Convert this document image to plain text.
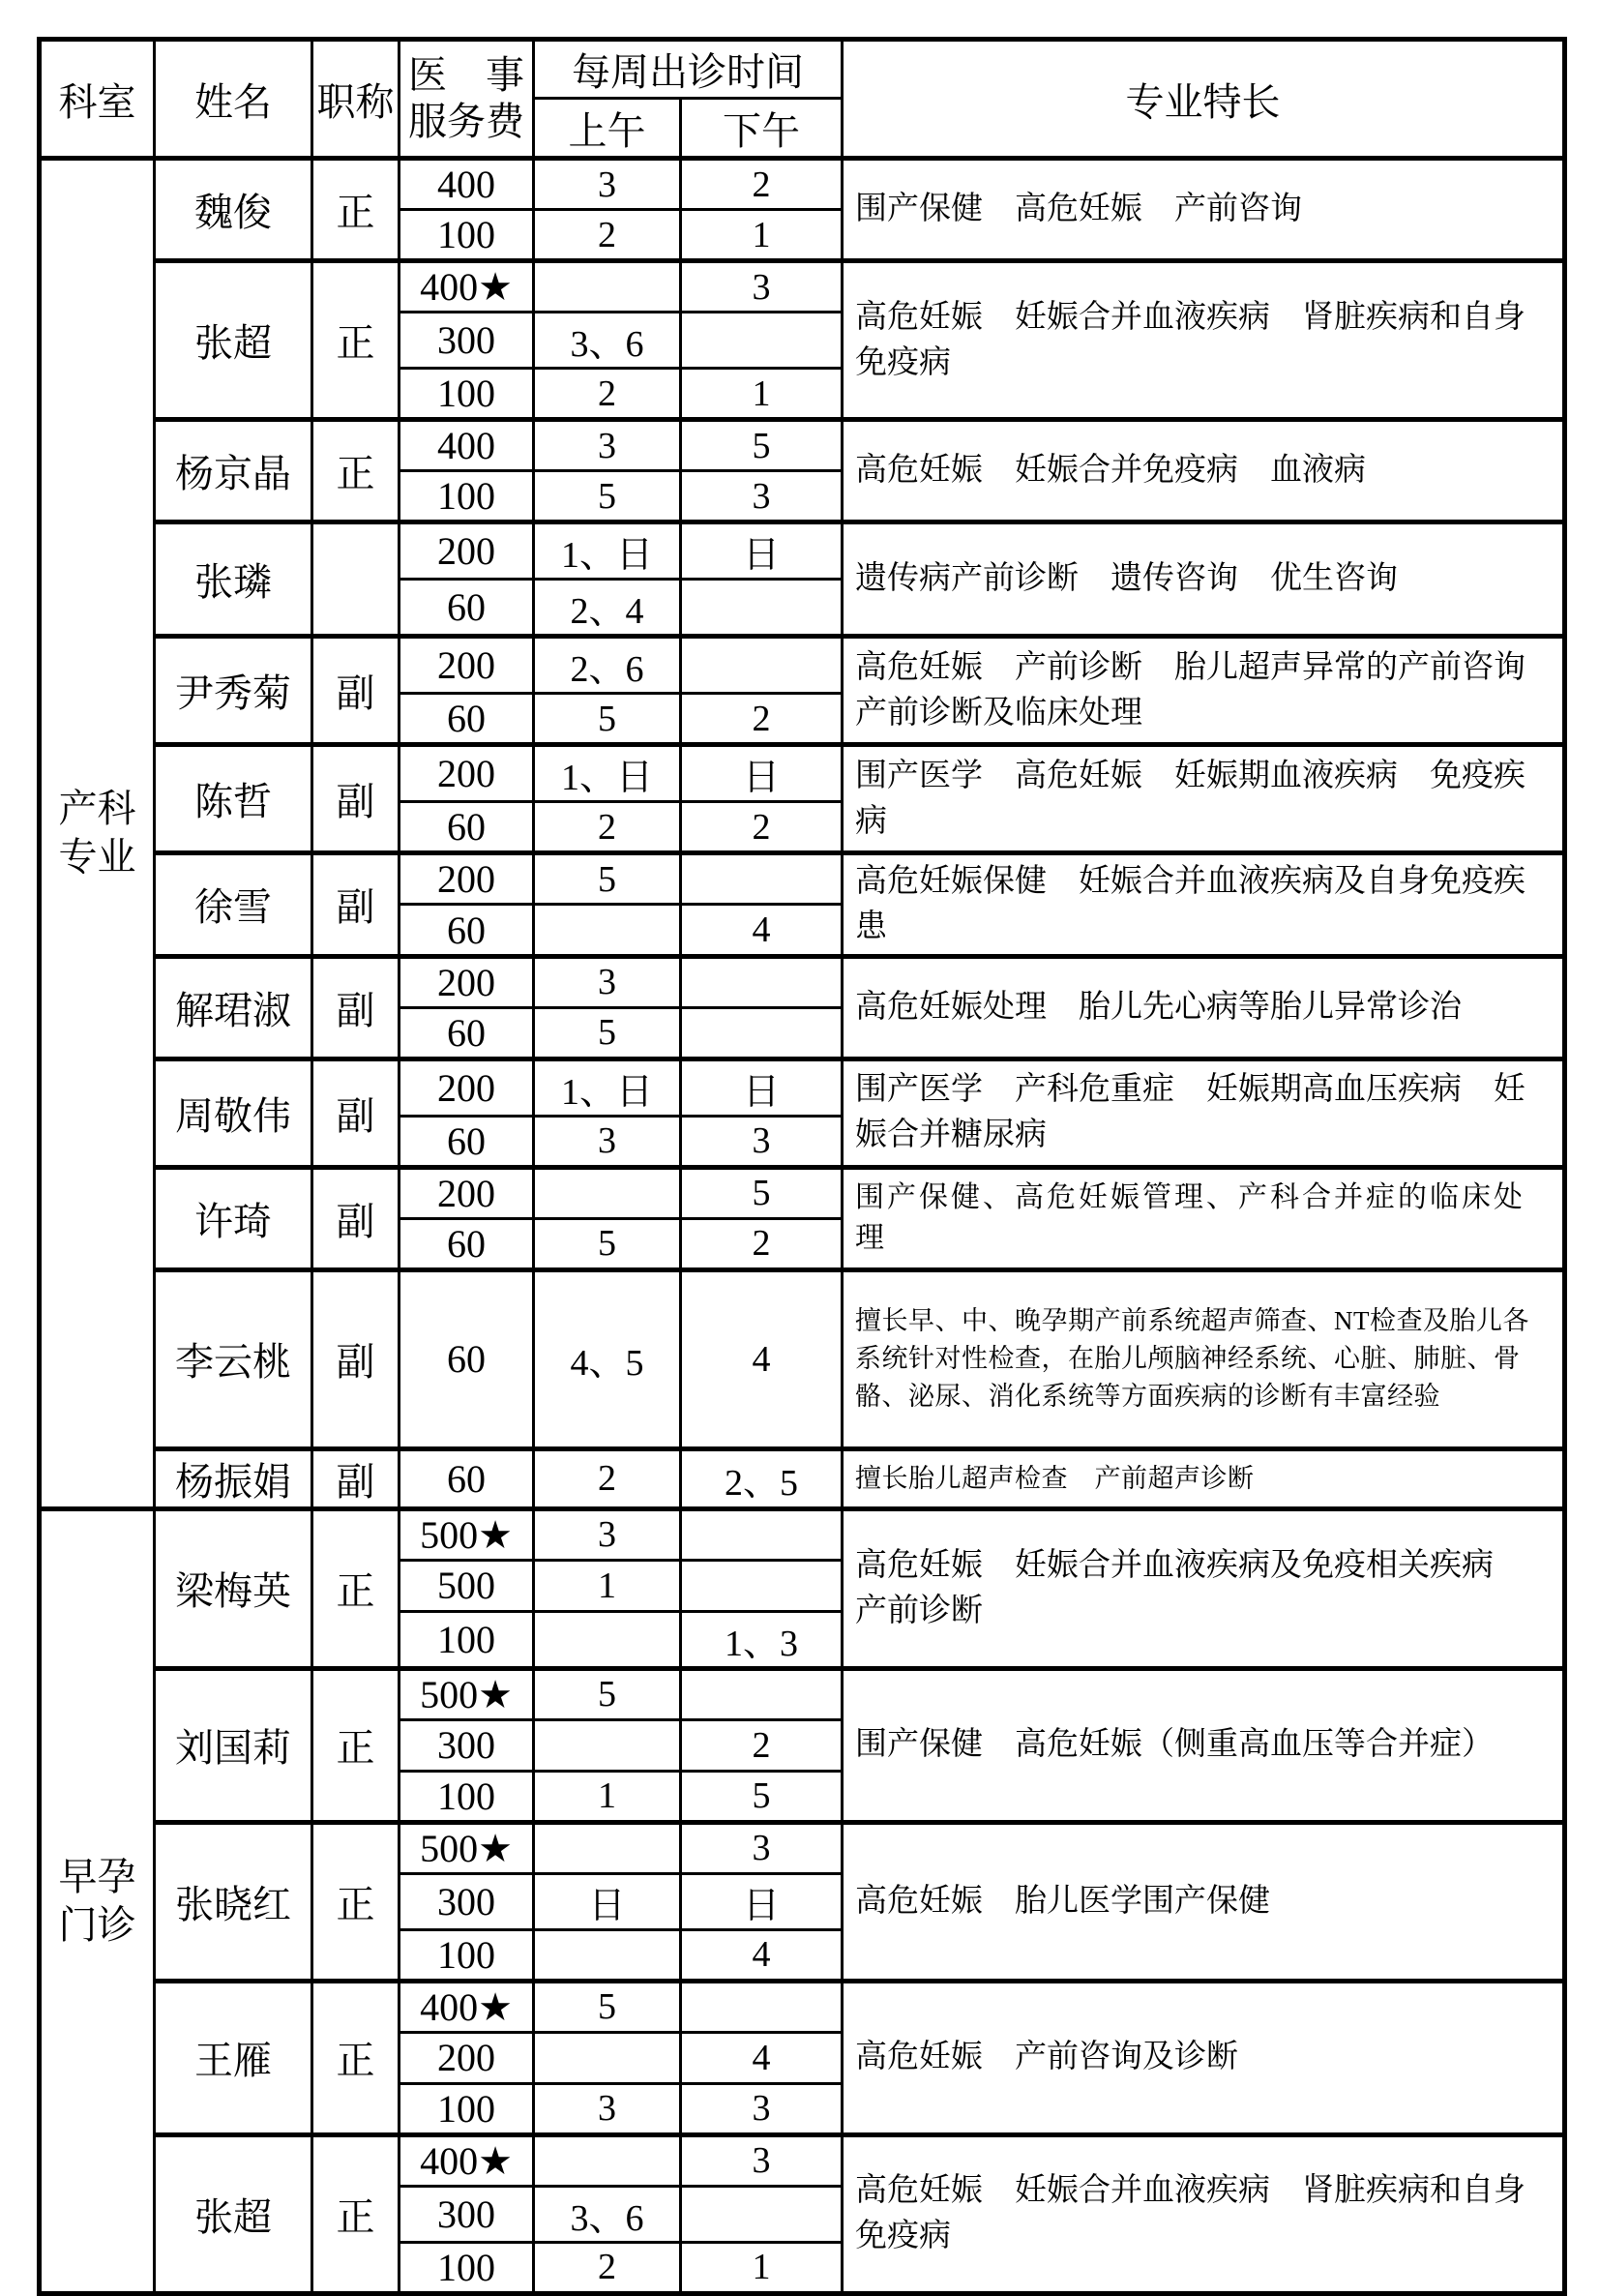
科室	姓名	职称	医　事
服务费	每周出诊时间		专业特长
				上午	下午	

产科
专业	魏俊	正	400	3	2	围产保健　高危妊娠　产前咨询
			100	2	1	
	张超	正	400★		3	高危妊娠　妊娠合并血液疾病　肾脏疾病和自身免疫病
			300	3、6		
			100	2	1	
	杨京晶	正	400	3	5	高危妊娠　妊娠合并免疫病　血液病
			100	5	3	
	张璘		200	1、日	日	遗传病产前诊断　遗传咨询　优生咨询
			60	2、4		
	尹秀菊	副	200	2、6		高危妊娠　产前诊断　胎儿超声异常的产前咨询　产前诊断及临床处理
			60	5	2	
	陈哲	副	200	1、日	日	围产医学　高危妊娠　妊娠期血液疾病　免疫疾病
			60	2	2	
	徐雪	副	200	5		高危妊娠保健　妊娠合并血液疾病及自身免疫疾患
			60		4	
	解珺淑	副	200	3		高危妊娠处理　胎儿先心病等胎儿异常诊治
			60	5		
	周敬伟	副	200	1、日	日	围产医学　产科危重症　妊娠期高血压疾病　妊娠合并糖尿病
			60	3	3	
	许琦	副	200		5	围产保健、高危妊娠管理、产科合并症的临床处理
			60	5	2	
	李云桃	副	60	4、5	4	擅长早、中、晚孕期产前系统超声筛查、NT检查及胎儿各系统针对性检查，在胎儿颅脑神经系统、心脏、肺脏、骨骼、泌尿、消化系统等方面疾病的诊断有丰富经验
	杨振娟	副	60	2	2、5	擅长胎儿超声检查　产前超声诊断

早孕
门诊	梁梅英	正	500★	3		高危妊娠　妊娠合并血液疾病及免疫相关疾病　产前诊断
			500	1		
			100		1、3	
	刘国莉	正	500★	5		围产保健　高危妊娠（侧重高血压等合并症）
			300		2	
			100	1	5	
	张晓红	正	500★		3	高危妊娠　胎儿医学围产保健
			300	日	日	
			100		4	
	王雁	正	400★	5		高危妊娠　产前咨询及诊断
			200		4	
			100	3	3	
	张超	正	400★		3	高危妊娠　妊娠合并血液疾病　肾脏疾病和自身免疫病
			300	3、6		
			100	2	1	
